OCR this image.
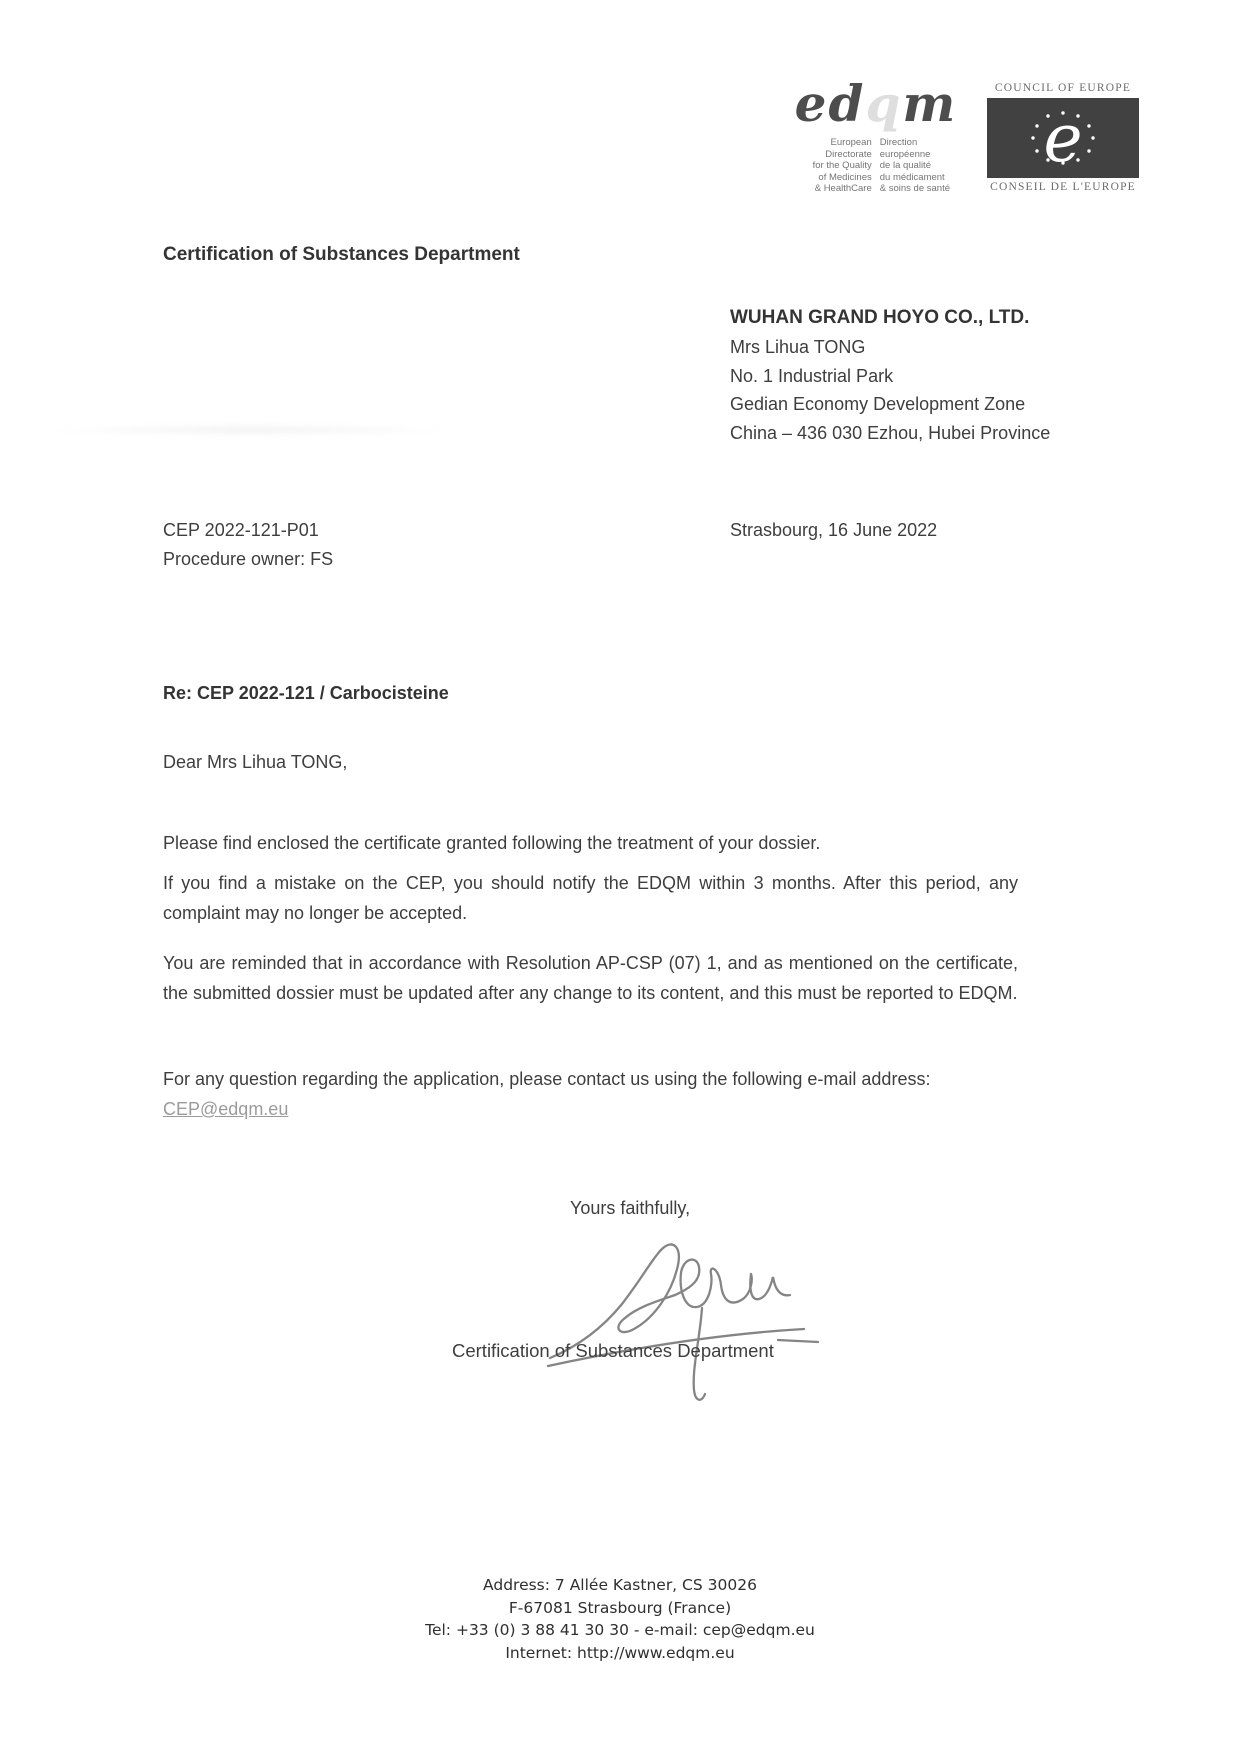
edqm
European Directorate
for the Quality
of Medicines
& HealthCare
Direction européenne
de la qualité
du médicament
& soins de santé
COUNCIL OF EUROPE
e
CONSEIL DE L'EUROPE
Certification of Substances Department
WUHAN GRAND HOYO CO., LTD.
Mrs Lihua TONG
No. 1 Industrial Park
Gedian Economy Development Zone
China – 436 030 Ezhou, Hubei Province
CEP 2022-121-P01
Procedure owner: FS
Strasbourg, 16 June 2022
Re: CEP 2022-121 / Carbocisteine
Dear Mrs Lihua TONG,

Please find enclosed the certificate granted following the treatment of your dossier.

If you find a mistake on the CEP, you should notify the EDQM within 3 months. After this period, any complaint may no longer be accepted.

You are reminded that in accordance with Resolution AP-CSP (07) 1, and as mentioned on the certificate, the submitted dossier must be updated after any change to its content, and this must be reported to EDQM.

For any question regarding the application, please contact us using the following e-mail address:
CEP@edqm.eu

Yours faithfully,
Certification of Substances Department
Address: 7 Allée Kastner, CS 30026
F-67081 Strasbourg (France)
Tel: +33 (0) 3 88 41 30 30 - e-mail: cep@edqm.eu
Internet: http://www.edqm.eu
